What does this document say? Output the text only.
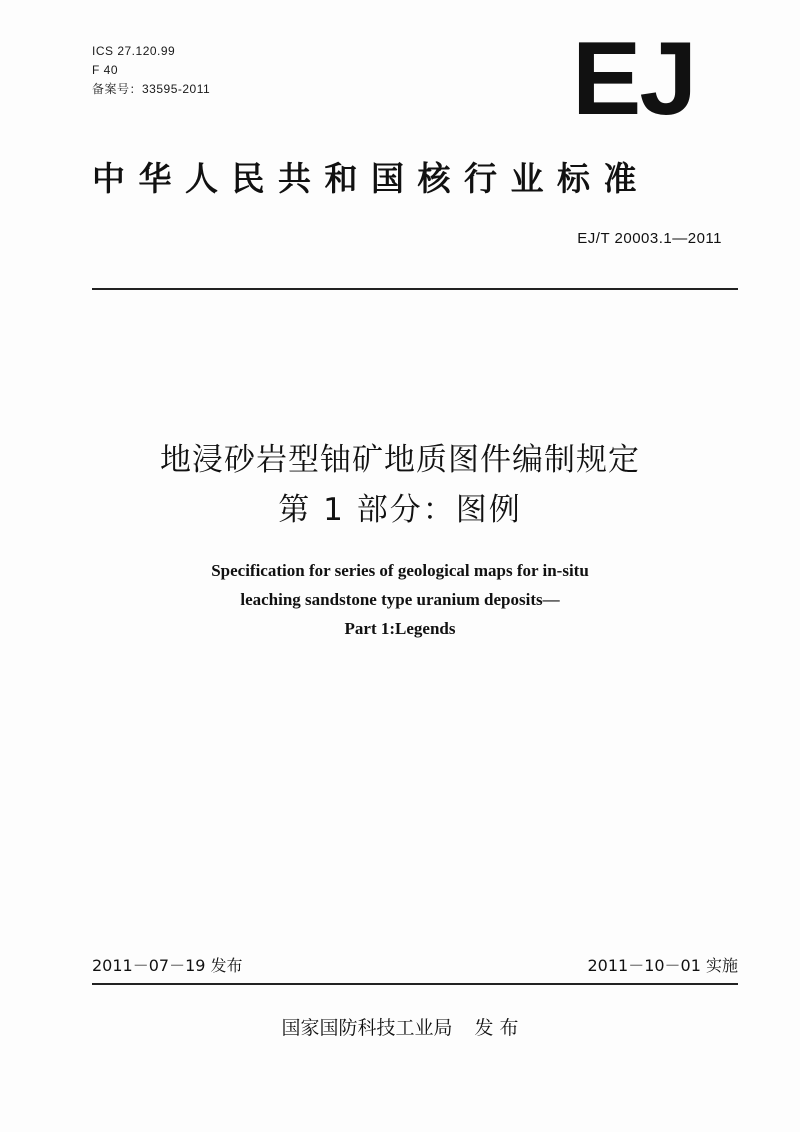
ICS 27.120.99
F 40
备案号：33595-2011	EJ
中华人民共和国核行业标准
EJ/T 20003.1—2011
地浸砂岩型铀矿地质图件编制规定
第 1 部分：图例
Specification for series of geological maps for in-situ
leaching sandstone type uranium deposits—
Part 1:Legends
2011－07－19 发布	2011－10－01 实施
国家国防科技工业局 发 布
